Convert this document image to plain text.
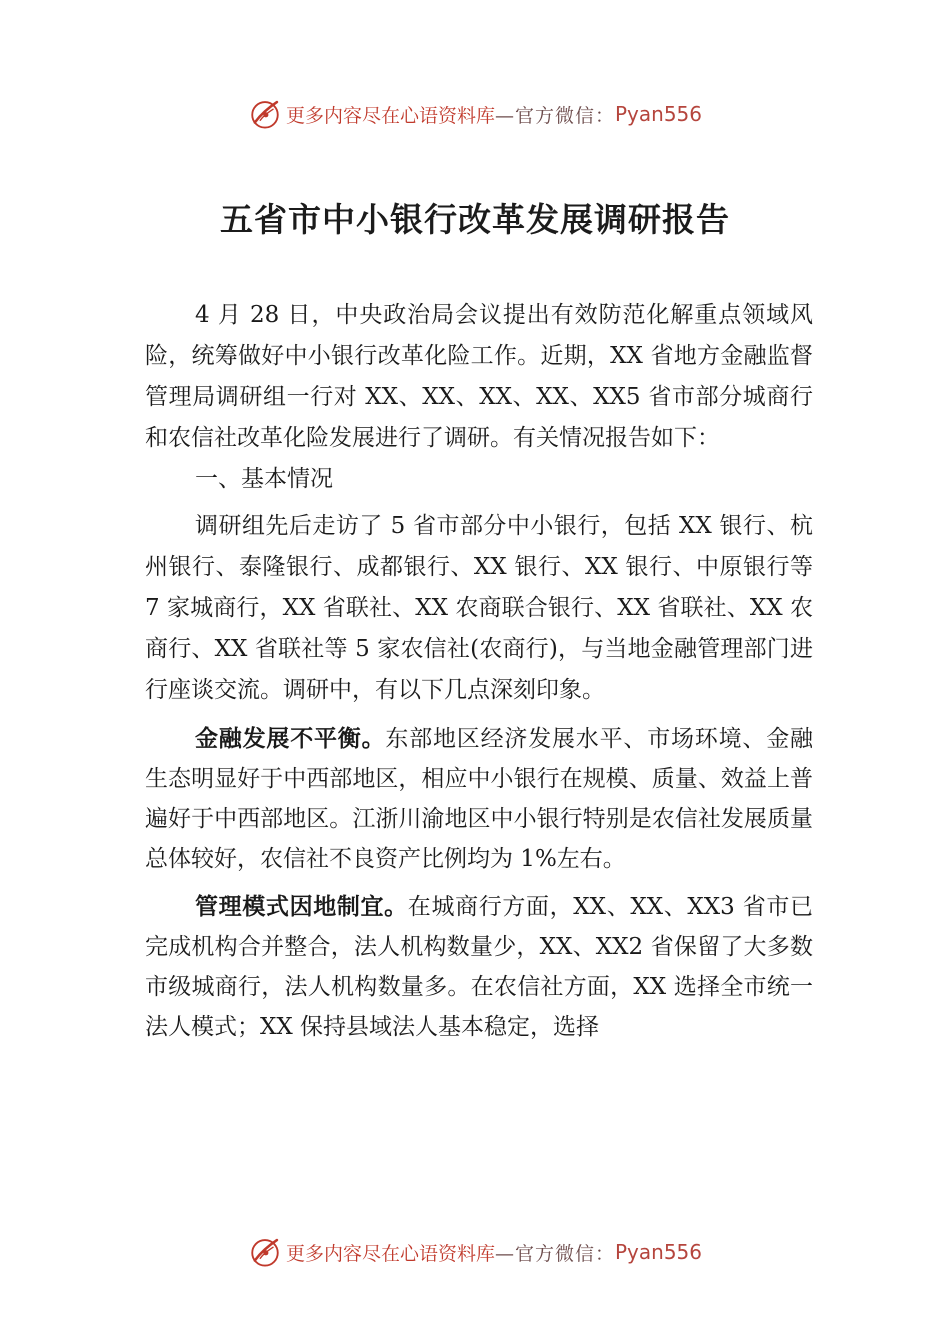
更多内容尽在心语资料库 —官方微信： Pyan556
五省市中小银行改革发展调研报告

4 月 28 日，中央政治局会议提出有效防范化解重点领域风险，统筹做好中小银行改革化险工作。近期，XX 省地方金融监督管理局调研组一行对 XX、XX、XX、XX、XX5 省市部分城商行和农信社改革化险发展进行了调研。有关情况报告如下：

一、基本情况

调研组先后走访了 5 省市部分中小银行，包括 XX 银行、杭州银行、泰隆银行、成都银行、XX 银行、XX 银行、中原银行等 7 家城商行，XX 省联社、XX 农商联合银行、XX 省联社、XX 农商行、XX 省联社等 5 家农信社(农商行)，与当地金融管理部门进行座谈交流。调研中，有以下几点深刻印象。

金融发展不平衡。东部地区经济发展水平、市场环境、金融生态明显好于中西部地区，相应中小银行在规模、质量、效益上普遍好于中西部地区。江浙川渝地区中小银行特别是农信社发展质量总体较好，农信社不良资产比例均为 1%左右。

管理模式因地制宜。在城商行方面，XX、XX、XX3 省市已完成机构合并整合，法人机构数量少，XX、XX2 省保留了大多数市级城商行，法人机构数量多。在农信社方面，XX 选择全市统一法人模式；XX 保持县域法人基本稳定，选择

更多内容尽在心语资料库 —官方微信： Pyan556
